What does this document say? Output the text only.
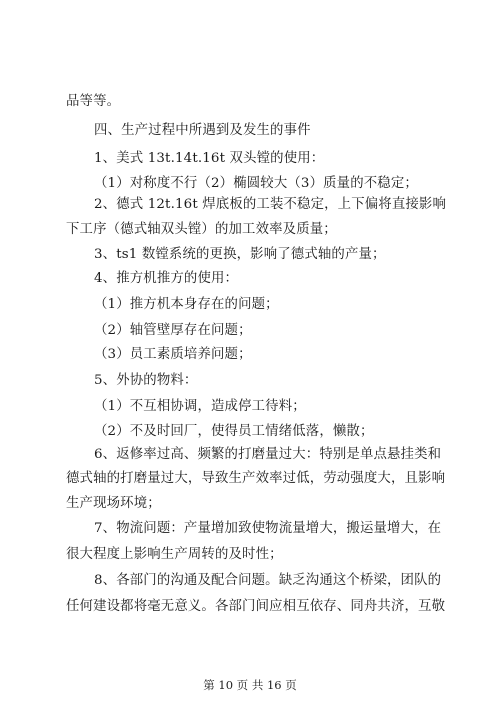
品等等。
四、生产过程中所遇到及发生的事件
1、美式 13t.14t.16t 双头镗的使用：
（1）对称度不行（2）椭圆较大（3）质量的不稳定；
2、德式 12t.16t 焊底板的工装不稳定，上下偏将直接影响
下工序（德式轴双头镗）的加工效率及质量；
3、ts1 数镗系统的更换，影响了德式轴的产量；
4、推方机推方的使用：
（1）推方机本身存在的问题；
（2）轴管壁厚存在问题；
（3）员工素质培养问题；
5、外协的物料：
（1）不互相协调，造成停工待料；
（2）不及时回厂，使得员工情绪低落，懒散；
6、返修率过高、频繁的打磨量过大：特别是单点悬挂类和
德式轴的打磨量过大，导致生产效率过低，劳动强度大，且影响
生产现场环境；
7、物流问题：产量增加致使物流量增大，搬运量增大，在
很大程度上影响生产周转的及时性；
8、各部门的沟通及配合问题。缺乏沟通这个桥梁，团队的
任何建设都将毫无意义。各部门间应相互依存、同舟共济，互敬
第 10 页 共 16 页
